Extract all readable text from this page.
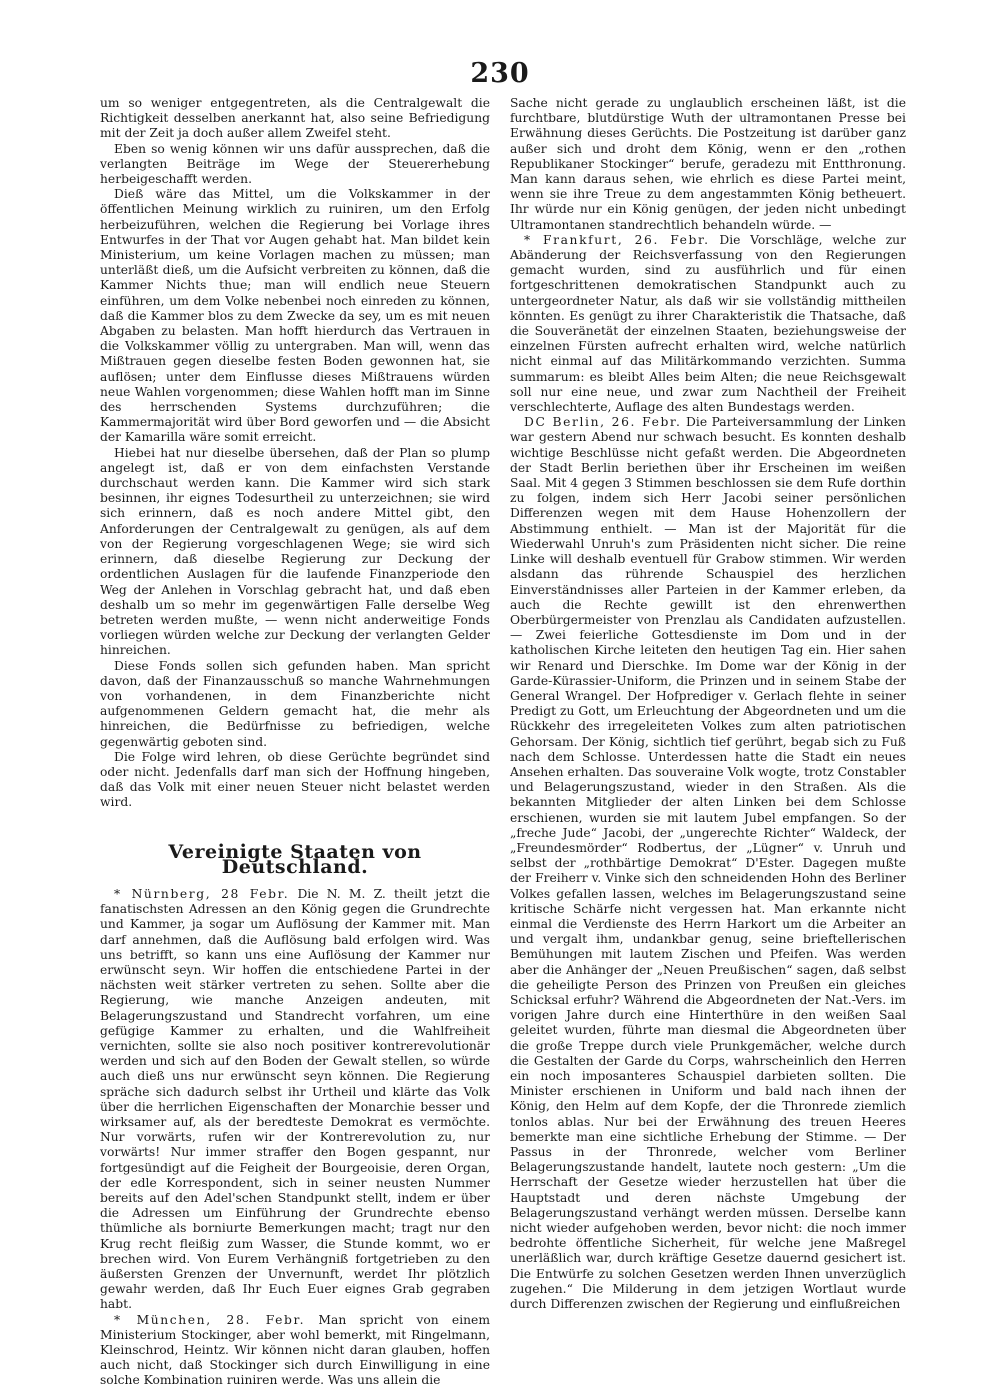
230

um so weniger entgegentreten, als die Centralgewalt die Richtigkeit desselben anerkannt hat, also seine Befriedigung mit der Zeit ja doch außer allem Zweifel steht.

Eben so wenig können wir uns dafür aussprechen, daß die verlangten Beiträge im Wege der Steuererhebung herbeigeschafft werden.

Dieß wäre das Mittel, um die Volkskammer in der öffentlichen Meinung wirklich zu ruiniren, um den Erfolg herbeizuführen, welchen die Regierung bei Vorlage ihres Entwurfes in der That vor Augen gehabt hat. Man bildet kein Ministerium, um keine Vorlagen machen zu müssen; man unterläßt dieß, um die Aufsicht verbreiten zu können, daß die Kammer Nichts thue; man will endlich neue Steuern einführen, um dem Volke nebenbei noch einreden zu können, daß die Kammer blos zu dem Zwecke da sey, um es mit neuen Abgaben zu belasten. Man hofft hierdurch das Vertrauen in die Volkskammer völlig zu untergraben. Man will, wenn das Mißtrauen gegen dieselbe festen Boden gewonnen hat, sie auflösen; unter dem Einflusse dieses Mißtrauens würden neue Wahlen vorgenommen; diese Wahlen hofft man im Sinne des herrschenden Systems durchzuführen; die Kammermajorität wird über Bord geworfen und — die Absicht der Kamarilla wäre somit erreicht.

Hiebei hat nur dieselbe übersehen, daß der Plan so plump angelegt ist, daß er von dem einfachsten Verstande durchschaut werden kann. Die Kammer wird sich stark besinnen, ihr eignes Todesurtheil zu unterzeichnen; sie wird sich erinnern, daß es noch andere Mittel gibt, den Anforderungen der Centralgewalt zu genügen, als auf dem von der Regierung vorgeschlagenen Wege; sie wird sich erinnern, daß dieselbe Regierung zur Deckung der ordentlichen Auslagen für die laufende Finanzperiode den Weg der Anlehen in Vorschlag gebracht hat, und daß eben deshalb um so mehr im gegenwärtigen Falle derselbe Weg betreten werden mußte, — wenn nicht anderweitige Fonds vorliegen würden welche zur Deckung der verlangten Gelder hinreichen.

Diese Fonds sollen sich gefunden haben. Man spricht davon, daß der Finanzausschuß so manche Wahrnehmungen von vorhandenen, in dem Finanzberichte nicht aufgenommenen Geldern gemacht hat, die mehr als hinreichen, die Bedürfnisse zu befriedigen, welche gegenwärtig geboten sind.

Die Folge wird lehren, ob diese Gerüchte begründet sind oder nicht. Jedenfalls darf man sich der Hoffnung hingeben, daß das Volk mit einer neuen Steuer nicht belastet werden wird.

Vereinigte Staaten von Deutschland.

* Nürnberg, 28 Febr. Die N. M. Z. theilt jetzt die fanatischsten Adressen an den König gegen die Grundrechte und Kammer, ja sogar um Auflösung der Kammer mit. Man darf annehmen, daß die Auflösung bald erfolgen wird. Was uns betrifft, so kann uns eine Auflösung der Kammer nur erwünscht seyn. Wir hoffen die entschiedene Partei in der nächsten weit stärker vertreten zu sehen. Sollte aber die Regierung, wie manche Anzeigen andeuten, mit Belagerungszustand und Standrecht vorfahren, um eine gefügige Kammer zu erhalten, und die Wahlfreiheit vernichten, sollte sie also noch positiver kontrerevolutionär werden und sich auf den Boden der Gewalt stellen, so würde auch dieß uns nur erwünscht seyn können. Die Regierung spräche sich dadurch selbst ihr Urtheil und klärte das Volk über die herrlichen Eigenschaften der Monarchie besser und wirksamer auf, als der beredteste Demokrat es vermöchte. Nur vorwärts, rufen wir der Kontrerevolution zu, nur vorwärts! Nur immer straffer den Bogen gespannt, nur fortgesündigt auf die Feigheit der Bourgeoisie, deren Organ, der edle Korrespondent, sich in seiner neusten Nummer bereits auf den Adel'schen Standpunkt stellt, indem er über die Adressen um Einführung der Grundrechte ebenso thümliche als borniurte Bemerkungen macht; tragt nur den Krug recht fleißig zum Wasser, die Stunde kommt, wo er brechen wird. Von Eurem Verhängniß fortgetrieben zu den äußersten Grenzen der Unvernunft, werdet Ihr plötzlich gewahr werden, daß Ihr Euch Euer eignes Grab gegraben habt.

* München, 28. Febr. Man spricht von einem Ministerium Stockinger, aber wohl bemerkt, mit Ringelmann, Kleinschrod, Heintz. Wir können nicht daran glauben, hoffen auch nicht, daß Stockinger sich durch Einwilligung in eine solche Kombination ruiniren werde. Was uns allein die

Sache nicht gerade zu unglaublich erscheinen läßt, ist die furchtbare, blutdürstige Wuth der ultramontanen Presse bei Erwähnung dieses Gerüchts. Die Postzeitung ist darüber ganz außer sich und droht dem König, wenn er den „rothen Republikaner Stockinger“ berufe, geradezu mit Entthronung. Man kann daraus sehen, wie ehrlich es diese Partei meint, wenn sie ihre Treue zu dem angestammten König betheuert. Ihr würde nur ein König genügen, der jeden nicht unbedingt Ultramontanen standrechtlich behandeln würde. —

* Frankfurt, 26. Febr. Die Vorschläge, welche zur Abänderung der Reichsverfassung von den Regierungen gemacht wurden, sind zu ausführlich und für einen fortgeschrittenen demokratischen Standpunkt auch zu untergeordneter Natur, als daß wir sie vollständig mittheilen könnten. Es genügt zu ihrer Charakteristik die Thatsache, daß die Souveränetät der einzelnen Staaten, beziehungsweise der einzelnen Fürsten aufrecht erhalten wird, welche natürlich nicht einmal auf das Militärkommando verzichten. Summa summarum: es bleibt Alles beim Alten; die neue Reichsgewalt soll nur eine neue, und zwar zum Nachtheil der Freiheit verschlechterte, Auflage des alten Bundestags werden.

DC Berlin, 26. Febr. Die Parteiversammlung der Linken war gestern Abend nur schwach besucht. Es konnten deshalb wichtige Beschlüsse nicht gefaßt werden. Die Abgeordneten der Stadt Berlin beriethen über ihr Erscheinen im weißen Saal. Mit 4 gegen 3 Stimmen beschlossen sie dem Rufe dorthin zu folgen, indem sich Herr Jacobi seiner persönlichen Differenzen wegen mit dem Hause Hohenzollern der Abstimmung enthielt. — Man ist der Majorität für die Wiederwahl Unruh's zum Präsidenten nicht sicher. Die reine Linke will deshalb eventuell für Grabow stimmen. Wir werden alsdann das rührende Schauspiel des herzlichen Einverständnisses aller Parteien in der Kammer erleben, da auch die Rechte gewillt ist den ehrenwerthen Oberbürgermeister von Prenzlau als Candidaten aufzustellen. — Zwei feierliche Gottesdienste im Dom und in der katholischen Kirche leiteten den heutigen Tag ein. Hier sahen wir Renard und Dierschke. Im Dome war der König in der Garde-Kürassier-Uniform, die Prinzen und in seinem Stabe der General Wrangel. Der Hofprediger v. Gerlach flehte in seiner Predigt zu Gott, um Erleuchtung der Abgeordneten und um die Rückkehr des irregeleiteten Volkes zum alten patriotischen Gehorsam. Der König, sichtlich tief gerührt, begab sich zu Fuß nach dem Schlosse. Unterdessen hatte die Stadt ein neues Ansehen erhalten. Das souveraine Volk wogte, trotz Constabler und Belagerungszustand, wieder in den Straßen. Als die bekannten Mitglieder der alten Linken bei dem Schlosse erschienen, wurden sie mit lautem Jubel empfangen. So der „freche Jude“ Jacobi, der „ungerechte Richter“ Waldeck, der „Freundesmörder“ Rodbertus, der „Lügner“ v. Unruh und selbst der „rothbärtige Demokrat“ D'Ester. Dagegen mußte der Freiherr v. Vinke sich den schneidenden Hohn des Berliner Volkes gefallen lassen, welches im Belagerungszustand seine kritische Schärfe nicht vergessen hat. Man erkannte nicht einmal die Verdienste des Herrn Harkort um die Arbeiter an und vergalt ihm, undankbar genug, seine brieftellerischen Bemühungen mit lautem Zischen und Pfeifen. Was werden aber die Anhänger der „Neuen Preußischen“ sagen, daß selbst die geheiligte Person des Prinzen von Preußen ein gleiches Schicksal erfuhr? Während die Abgeordneten der Nat.-Vers. im vorigen Jahre durch eine Hinterthüre in den weißen Saal geleitet wurden, führte man diesmal die Abgeordneten über die große Treppe durch viele Prunkgemächer, welche durch die Gestalten der Garde du Corps, wahrscheinlich den Herren ein noch imposanteres Schauspiel darbieten sollten. Die Minister erschienen in Uniform und bald nach ihnen der König, den Helm auf dem Kopfe, der die Thronrede ziemlich tonlos ablas. Nur bei der Erwähnung des treuen Heeres bemerkte man eine sichtliche Erhebung der Stimme. — Der Passus in der Thronrede, welcher vom Berliner Belagerungszustande handelt, lautete noch gestern: „Um die Herrschaft der Gesetze wieder herzustellen hat über die Hauptstadt und deren nächste Umgebung der Belagerungszustand verhängt werden müssen. Derselbe kann nicht wieder aufgehoben werden, bevor nicht: die noch immer bedrohte öffentliche Sicherheit, für welche jene Maßregel unerläßlich war, durch kräftige Gesetze dauernd gesichert ist. Die Entwürfe zu solchen Gesetzen werden Ihnen unverzüglich zugehen.“ Die Milderung in dem jetzigen Wortlaut wurde durch Differenzen zwischen der Regierung und einflußreichen
